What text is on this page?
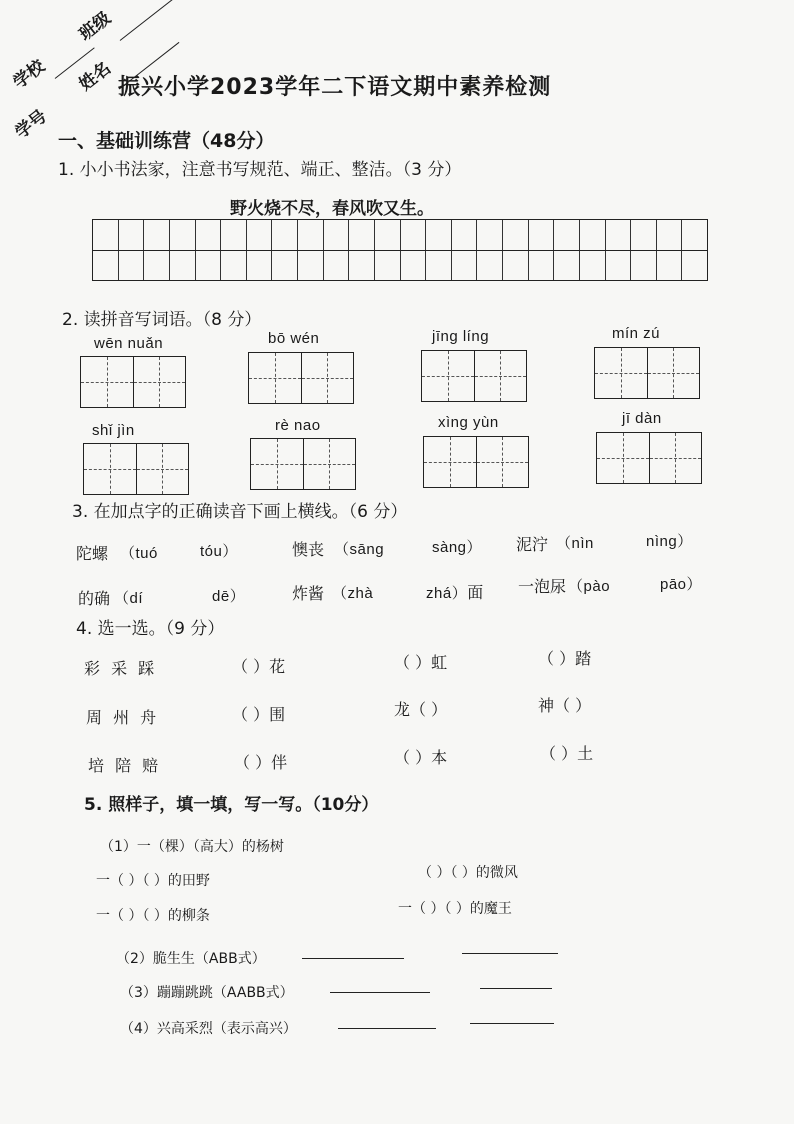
学校
班级
姓名
学号
振兴小学2023学年二下语文期中素养检测
一、基础训练营（48分）
1. 小小书法家，注意书写规范、端正、整洁。（3 分）
野火烧不尽，春风吹又生。
2. 读拼音写词语。（8 分）
wēn nuǎn	bō wén	jīng líng	mín zú
shǐ jìn	rè nao	xìng yùn	jī dàn
3. 在加点字的正确读音下画上横线。（6 分）
陀螺 （tuó	tóu）	懊丧 （sāng	sàng） 泥泞 （nìn	nìng）
的确 （dí	dē）	炸酱 （zhà	zhá）面 一泡尿 （pào	pāo）
4. 选一选。（9 分）
彩 采 踩	（ ）花	（ ）虹	（ ）踏
周 州 舟	（ ）围	龙（ ）	神（ ）
培 陪 赔	（ ）伴	（ ）本	（ ）土
5. 照样子，填一填，写一写。（10分）
（1）一（棵）（高大）的杨树
一（ ）（ ）的田野	（ ）（ ）的微风
一（ ）（ ）的柳条	一（ ）（ ）的魔王
（2）脆生生（ABB式）
（3）蹦蹦跳跳（AABB式）
（4）兴高采烈（表示高兴）
